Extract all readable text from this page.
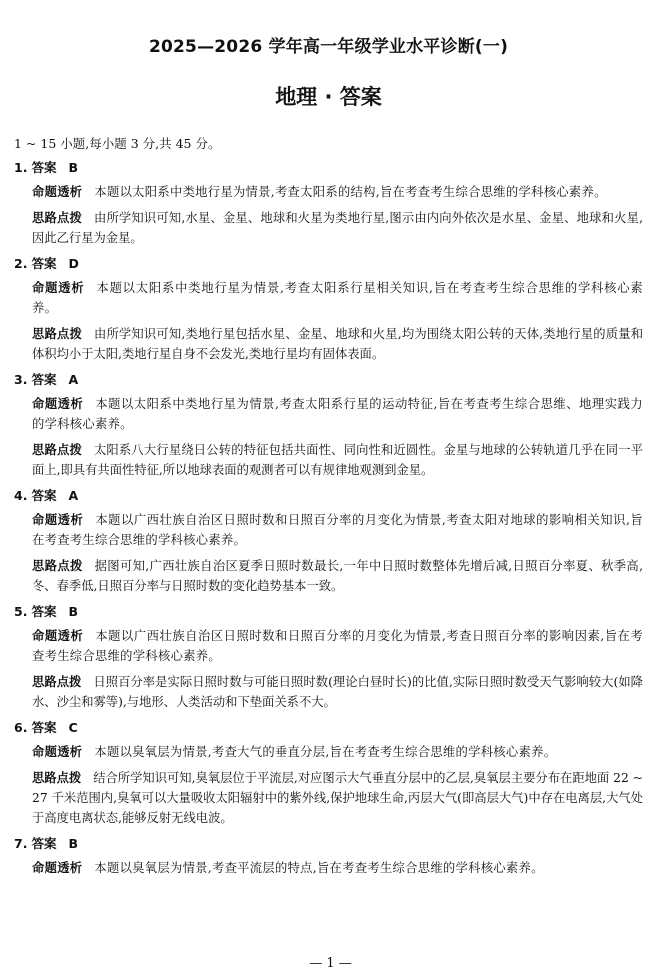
2025—2026 学年高一年级学业水平诊断(一)
地理 · 答案
1 ~ 15 小题,每小题 3 分,共 45 分。
1. 答案 B
命题透析 本题以太阳系中类地行星为情景,考查太阳系的结构,旨在考查考生综合思维的学科核心素养。
思路点拨 由所学知识可知,水星、金星、地球和火星为类地行星,图示由内向外依次是水星、金星、地球和火星,因此乙行星为金星。
2. 答案 D
命题透析 本题以太阳系中类地行星为情景,考查太阳系行星相关知识,旨在考查考生综合思维的学科核心素养。
思路点拨 由所学知识可知,类地行星包括水星、金星、地球和火星,均为围绕太阳公转的天体,类地行星的质量和体积均小于太阳,类地行星自身不会发光,类地行星均有固体表面。
3. 答案 A
命题透析 本题以太阳系中类地行星为情景,考查太阳系行星的运动特征,旨在考查考生综合思维、地理实践力的学科核心素养。
思路点拨 太阳系八大行星绕日公转的特征包括共面性、同向性和近圆性。金星与地球的公转轨道几乎在同一平面上,即具有共面性特征,所以地球表面的观测者可以有规律地观测到金星。
4. 答案 A
命题透析 本题以广西壮族自治区日照时数和日照百分率的月变化为情景,考查太阳对地球的影响相关知识,旨在考查考生综合思维的学科核心素养。
思路点拨 据图可知,广西壮族自治区夏季日照时数最长,一年中日照时数整体先增后减,日照百分率夏、秋季高,冬、春季低,日照百分率与日照时数的变化趋势基本一致。
5. 答案 B
命题透析 本题以广西壮族自治区日照时数和日照百分率的月变化为情景,考查日照百分率的影响因素,旨在考查考生综合思维的学科核心素养。
思路点拨 日照百分率是实际日照时数与可能日照时数(理论白昼时长)的比值,实际日照时数受天气影响较大(如降水、沙尘和雾等),与地形、人类活动和下垫面关系不大。
6. 答案 C
命题透析 本题以臭氧层为情景,考查大气的垂直分层,旨在考查考生综合思维的学科核心素养。
思路点拨 结合所学知识可知,臭氧层位于平流层,对应图示大气垂直分层中的乙层,臭氧层主要分布在距地面 22 ~ 27 千米范围内,臭氧可以大量吸收太阳辐射中的紫外线,保护地球生命,丙层大气(即高层大气)中存在电离层,大气处于高度电离状态,能够反射无线电波。
7. 答案 B
命题透析 本题以臭氧层为情景,考查平流层的特点,旨在考查考生综合思维的学科核心素养。
— 1 —
